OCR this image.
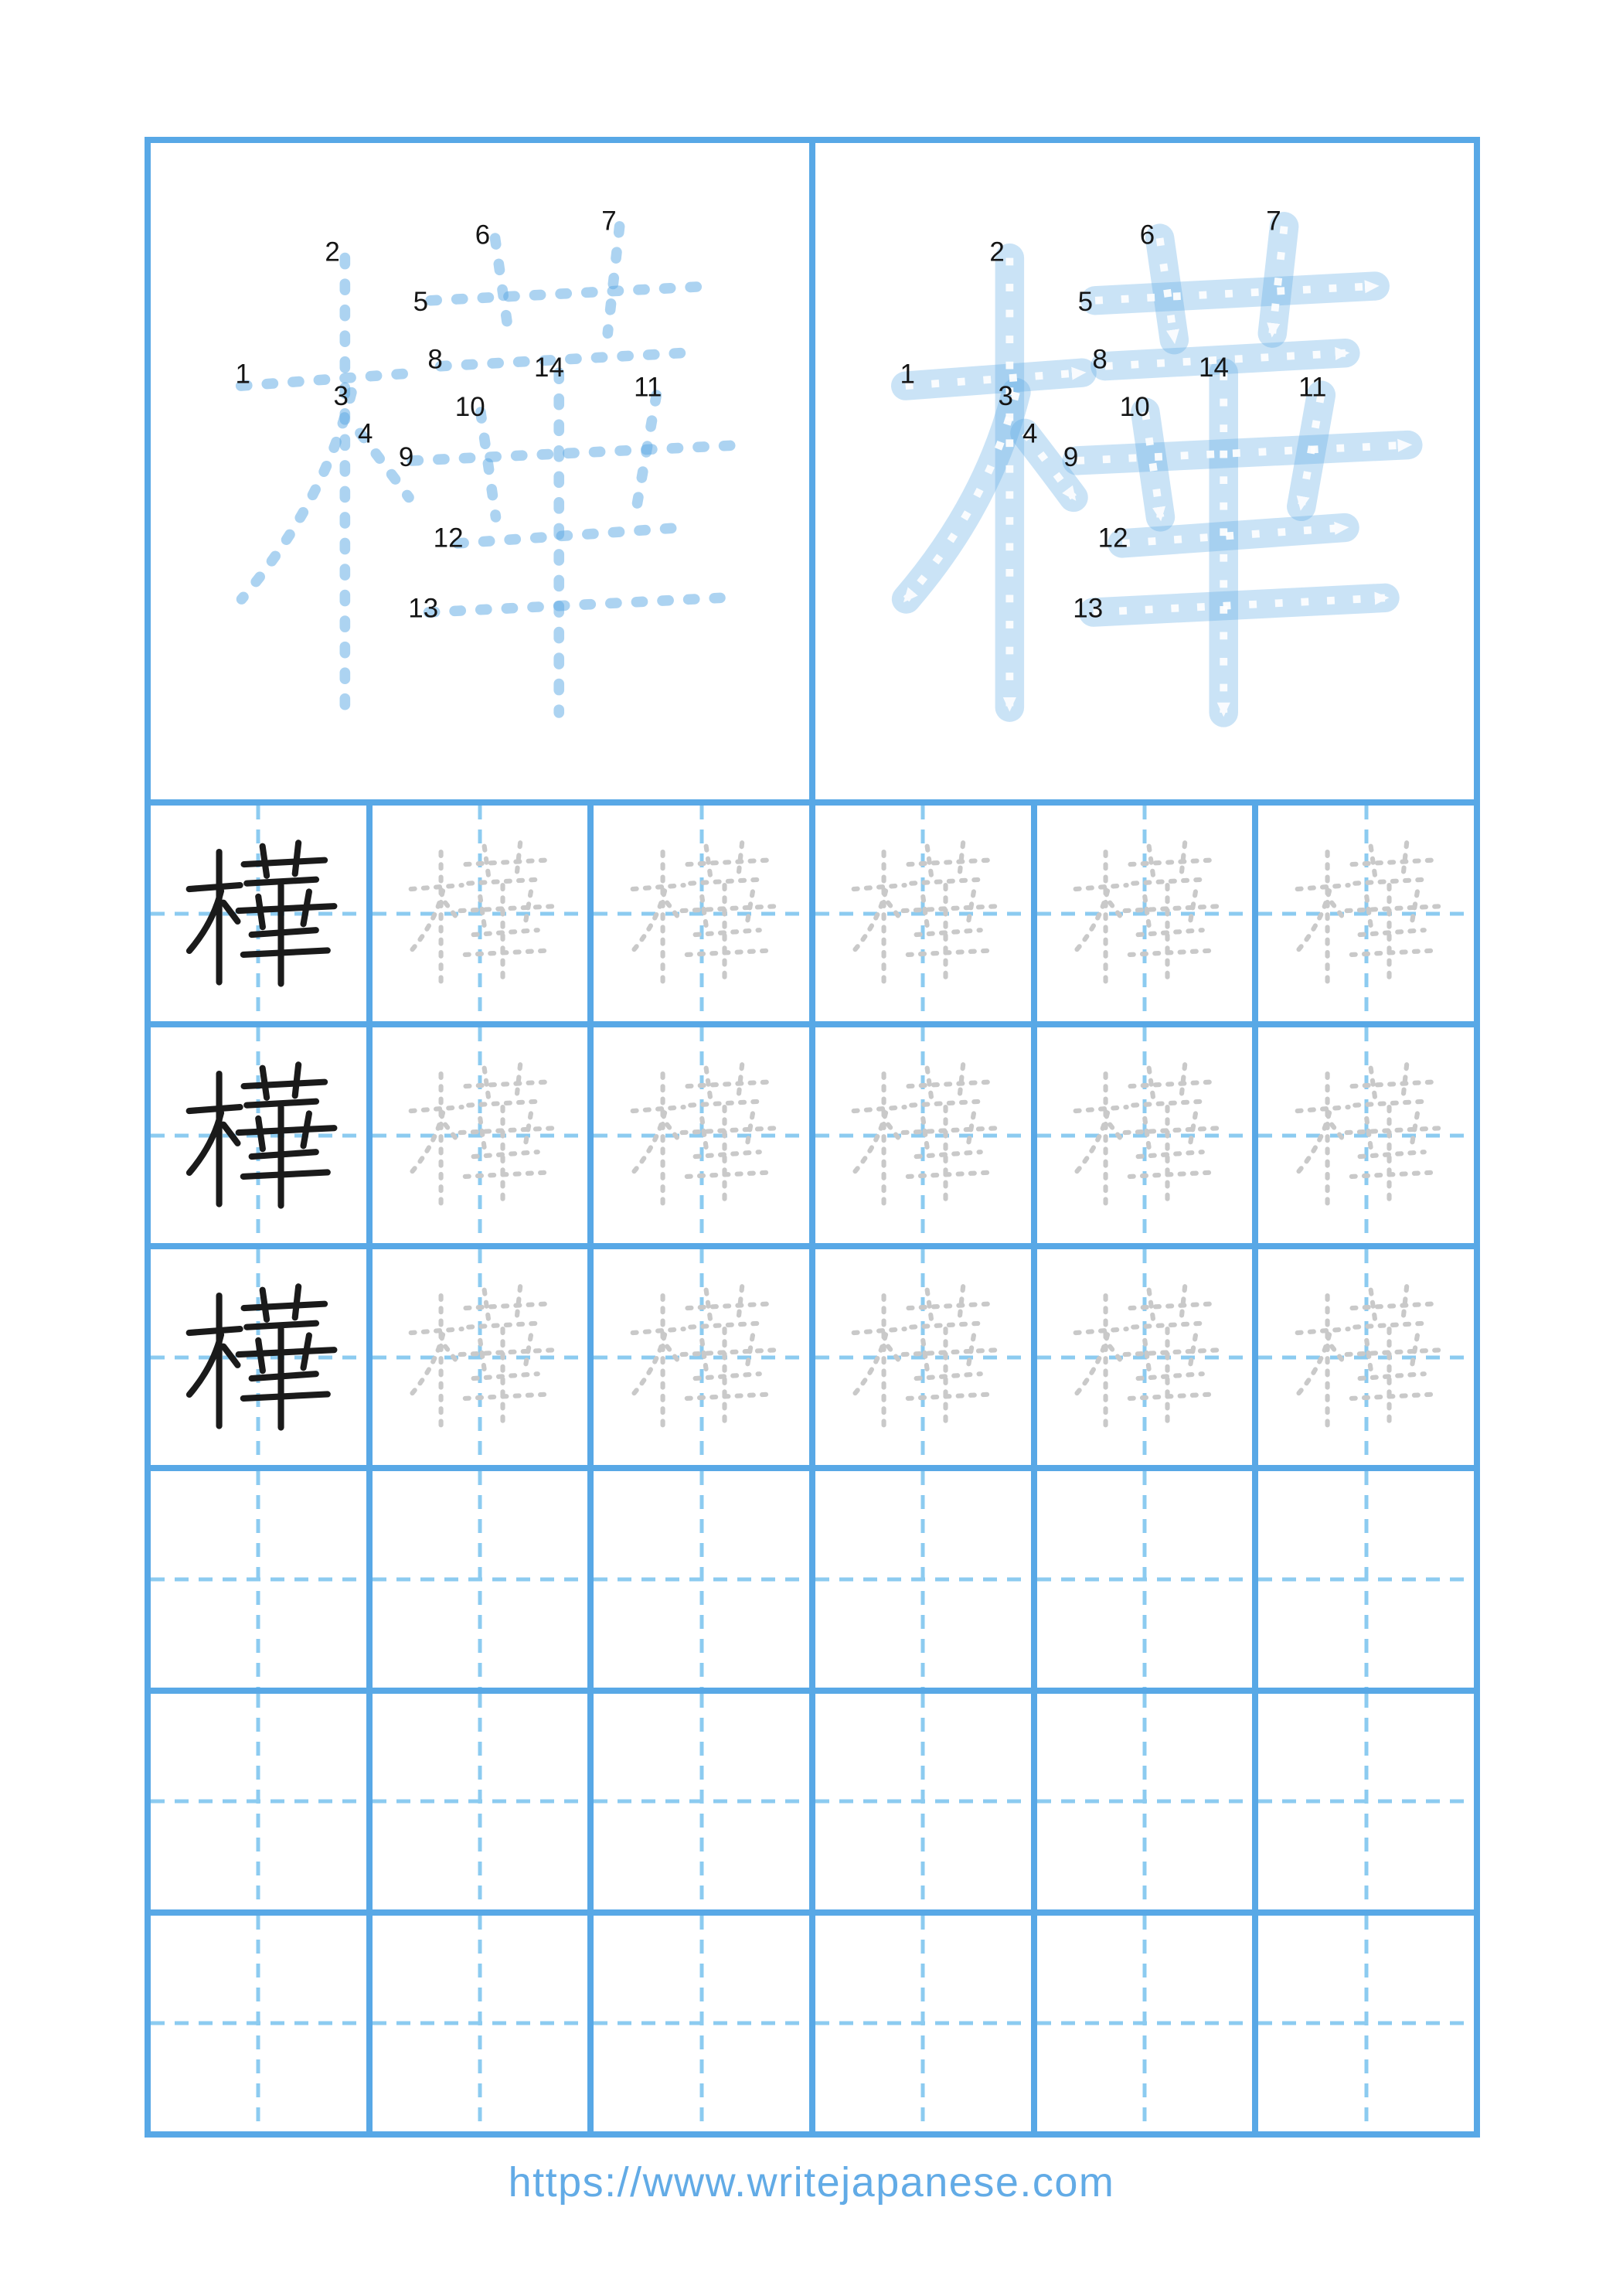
1
2
3
4
5
6	7
8
9
10
11
12
13
14	1
2
3
4
5
6	7
8
9
10
11
12
13
14
https://www.writejapanese.com
